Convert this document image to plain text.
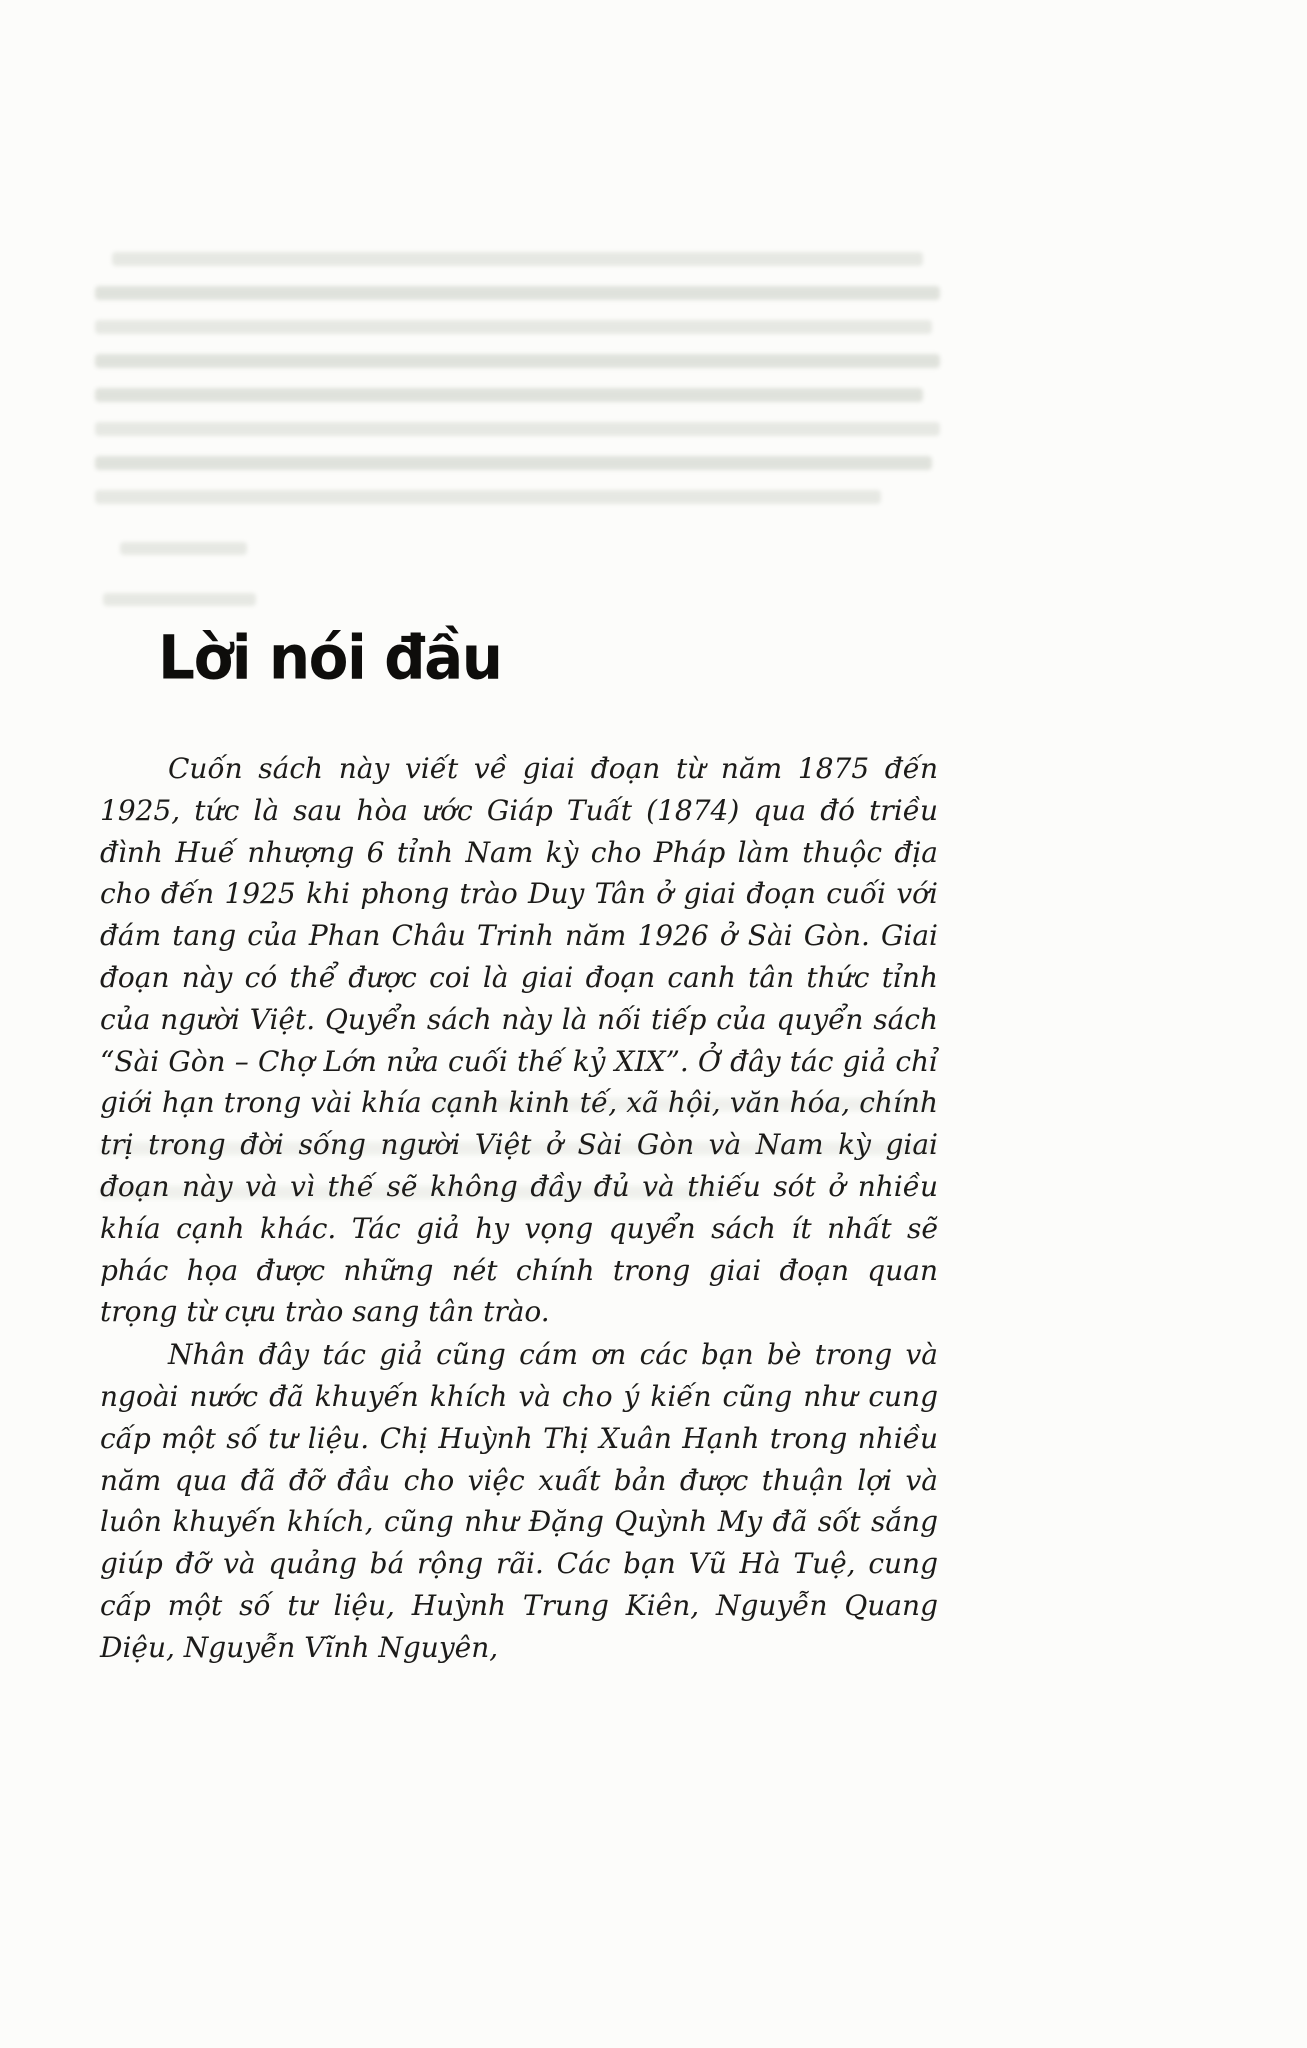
Lời nói đầu

Cuốn sách này viết về giai đoạn từ năm 1875 đến 1925, tức là sau hòa ước Giáp Tuất (1874) qua đó triều đình Huế nhượng 6 tỉnh Nam kỳ cho Pháp làm thuộc địa cho đến 1925 khi phong trào Duy Tân ở giai đoạn cuối với đám tang của Phan Châu Trinh năm 1926 ở Sài Gòn. Giai đoạn này có thể được coi là giai đoạn canh tân thức tỉnh của người Việt. Quyển sách này là nối tiếp của quyển sách “Sài Gòn – Chợ Lớn nửa cuối thế kỷ XIX”. Ở đây tác giả chỉ giới hạn trong vài khía cạnh kinh tế, xã hội, văn hóa, chính trị trong đời sống người Việt ở Sài Gòn và Nam kỳ giai đoạn này và vì thế sẽ không đầy đủ và thiếu sót ở nhiều khía cạnh khác. Tác giả hy vọng quyển sách ít nhất sẽ phác họa được những nét chính trong giai đoạn quan trọng từ cựu trào sang tân trào.

Nhân đây tác giả cũng cám ơn các bạn bè trong và ngoài nước đã khuyến khích và cho ý kiến cũng như cung cấp một số tư liệu. Chị Huỳnh Thị Xuân Hạnh trong nhiều năm qua đã đỡ đầu cho việc xuất bản được thuận lợi và luôn khuyến khích, cũng như Đặng Quỳnh My đã sốt sắng giúp đỡ và quảng bá rộng rãi. Các bạn Vũ Hà Tuệ, cung cấp một số tư liệu, Huỳnh Trung Kiên, Nguyễn Quang Diệu, Nguyễn Vĩnh Nguyên,
